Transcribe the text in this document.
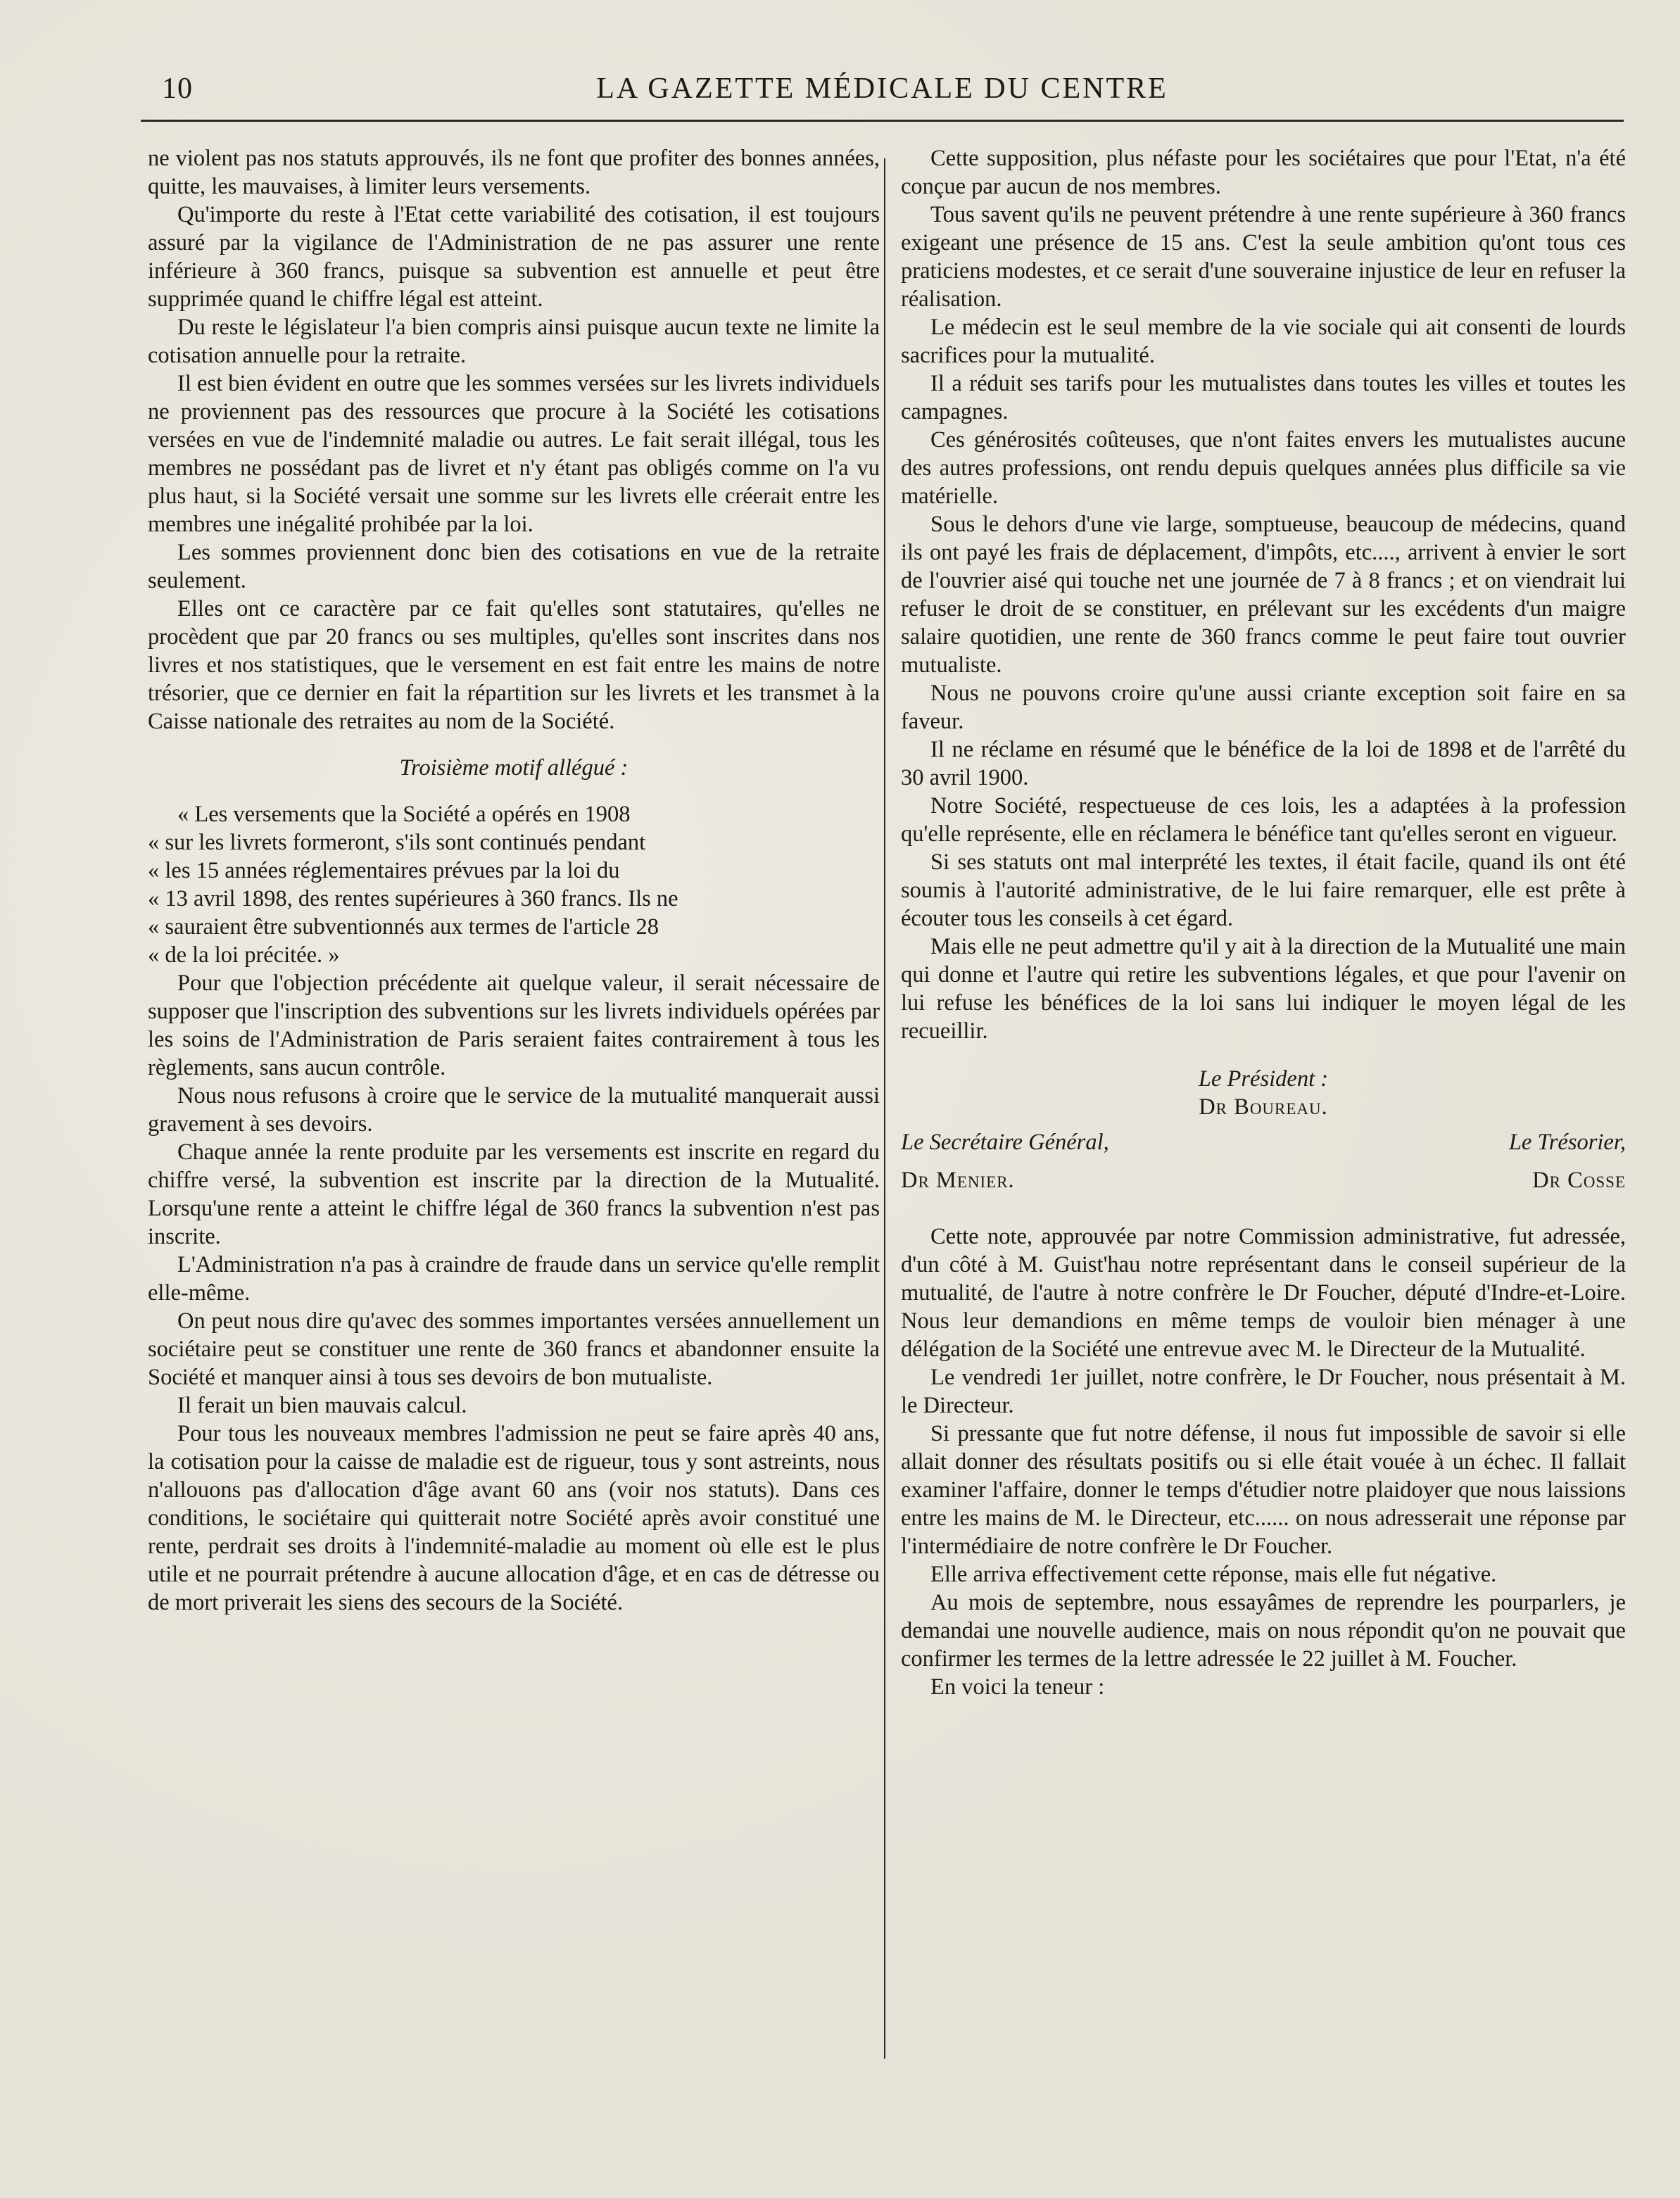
10	LA GAZETTE MÉDICALE DU CENTRE

ne violent pas nos statuts approuvés, ils ne font que profiter des bonnes années, quitte, les mauvaises, à limiter leurs versements.

Qu'importe du reste à l'Etat cette variabilité des cotisation, il est toujours assuré par la vigilance de l'Administration de ne pas assurer une rente inférieure à 360 francs, puisque sa subvention est annuelle et peut être supprimée quand le chiffre légal est atteint.

Du reste le législateur l'a bien compris ainsi puisque aucun texte ne limite la cotisation annuelle pour la retraite.

Il est bien évident en outre que les sommes versées sur les livrets individuels ne proviennent pas des ressources que procure à la Société les cotisations versées en vue de l'indemnité maladie ou autres. Le fait serait illégal, tous les membres ne possédant pas de livret et n'y étant pas obligés comme on l'a vu plus haut, si la Société versait une somme sur les livrets elle créerait entre les membres une inégalité prohibée par la loi.

Les sommes proviennent donc bien des cotisations en vue de la retraite seulement.

Elles ont ce caractère par ce fait qu'elles sont statutaires, qu'elles ne procèdent que par 20 francs ou ses multiples, qu'elles sont inscrites dans nos livres et nos statistiques, que le versement en est fait entre les mains de notre trésorier, que ce dernier en fait la répartition sur les livrets et les transmet à la Caisse nationale des retraites au nom de la Société.

Troisième motif allégué :

« Les versements que la Société a opérés en 1908

« sur les livrets formeront, s'ils sont continués pendant

« les 15 années réglementaires prévues par la loi du

« 13 avril 1898, des rentes supérieures à 360 francs. Ils ne

« sauraient être subventionnés aux termes de l'article 28

« de la loi précitée. »

Pour que l'objection précédente ait quelque valeur, il serait nécessaire de supposer que l'inscription des subventions sur les livrets individuels opérées par les soins de l'Administration de Paris seraient faites contrairement à tous les règlements, sans aucun contrôle.

Nous nous refusons à croire que le service de la mutualité manquerait aussi gravement à ses devoirs.

Chaque année la rente produite par les versements est inscrite en regard du chiffre versé, la subvention est inscrite par la direction de la Mutualité. Lorsqu'une rente a atteint le chiffre légal de 360 francs la subvention n'est pas inscrite.

L'Administration n'a pas à craindre de fraude dans un service qu'elle remplit elle-même.

On peut nous dire qu'avec des sommes importantes versées annuellement un sociétaire peut se constituer une rente de 360 francs et abandonner ensuite la Société et manquer ainsi à tous ses devoirs de bon mutualiste.

Il ferait un bien mauvais calcul.

Pour tous les nouveaux membres l'admission ne peut se faire après 40 ans, la cotisation pour la caisse de maladie est de rigueur, tous y sont astreints, nous n'allouons pas d'allocation d'âge avant 60 ans (voir nos statuts). Dans ces conditions, le sociétaire qui quitterait notre Société après avoir constitué une rente, perdrait ses droits à l'indemnité-maladie au moment où elle est le plus utile et ne pourrait prétendre à aucune allocation d'âge, et en cas de détresse ou de mort priverait les siens des secours de la Société.

Cette supposition, plus néfaste pour les sociétaires que pour l'Etat, n'a été conçue par aucun de nos membres.

Tous savent qu'ils ne peuvent prétendre à une rente supérieure à 360 francs exigeant une présence de 15 ans. C'est la seule ambition qu'ont tous ces praticiens modestes, et ce serait d'une souveraine injustice de leur en refuser la réalisation.

Le médecin est le seul membre de la vie sociale qui ait consenti de lourds sacrifices pour la mutualité.

Il a réduit ses tarifs pour les mutualistes dans toutes les villes et toutes les campagnes.

Ces générosités coûteuses, que n'ont faites envers les mutualistes aucune des autres professions, ont rendu depuis quelques années plus difficile sa vie matérielle.

Sous le dehors d'une vie large, somptueuse, beaucoup de médecins, quand ils ont payé les frais de déplacement, d'impôts, etc...., arrivent à envier le sort de l'ouvrier aisé qui touche net une journée de 7 à 8 francs ; et on viendrait lui refuser le droit de se constituer, en prélevant sur les excédents d'un maigre salaire quotidien, une rente de 360 francs comme le peut faire tout ouvrier mutualiste.

Nous ne pouvons croire qu'une aussi criante exception soit faire en sa faveur.

Il ne réclame en résumé que le bénéfice de la loi de 1898 et de l'arrêté du 30 avril 1900.

Notre Société, respectueuse de ces lois, les a adaptées à la profession qu'elle représente, elle en réclamera le bénéfice tant qu'elles seront en vigueur.

Si ses statuts ont mal interprété les textes, il était facile, quand ils ont été soumis à l'autorité administrative, de le lui faire remarquer, elle est prête à écouter tous les conseils à cet égard.

Mais elle ne peut admettre qu'il y ait à la direction de la Mutualité une main qui donne et l'autre qui retire les subventions légales, et que pour l'avenir on lui refuse les bénéfices de la loi sans lui indiquer le moyen légal de les recueillir.

Le Président :
Dr Boureau.
Le Secrétaire Général,
Dr Menier.
Le Trésorier,
Dr Cosse

Cette note, approuvée par notre Commission administrative, fut adressée, d'un côté à M. Guist'hau notre représentant dans le conseil supérieur de la mutualité, de l'autre à notre confrère le Dr Foucher, député d'Indre-et-Loire. Nous leur demandions en même temps de vouloir bien ménager à une délégation de la Société une entrevue avec M. le Directeur de la Mutualité.

Le vendredi 1er juillet, notre confrère, le Dr Foucher, nous présentait à M. le Directeur.

Si pressante que fut notre défense, il nous fut impossible de savoir si elle allait donner des résultats positifs ou si elle était vouée à un échec. Il fallait examiner l'affaire, donner le temps d'étudier notre plaidoyer que nous laissions entre les mains de M. le Directeur, etc...... on nous adresserait une réponse par l'intermédiaire de notre confrère le Dr Foucher.

Elle arriva effectivement cette réponse, mais elle fut négative.

Au mois de septembre, nous essayâmes de reprendre les pourparlers, je demandai une nouvelle audience, mais on nous répondit qu'on ne pouvait que confirmer les termes de la lettre adressée le 22 juillet à M. Foucher.

En voici la teneur :
